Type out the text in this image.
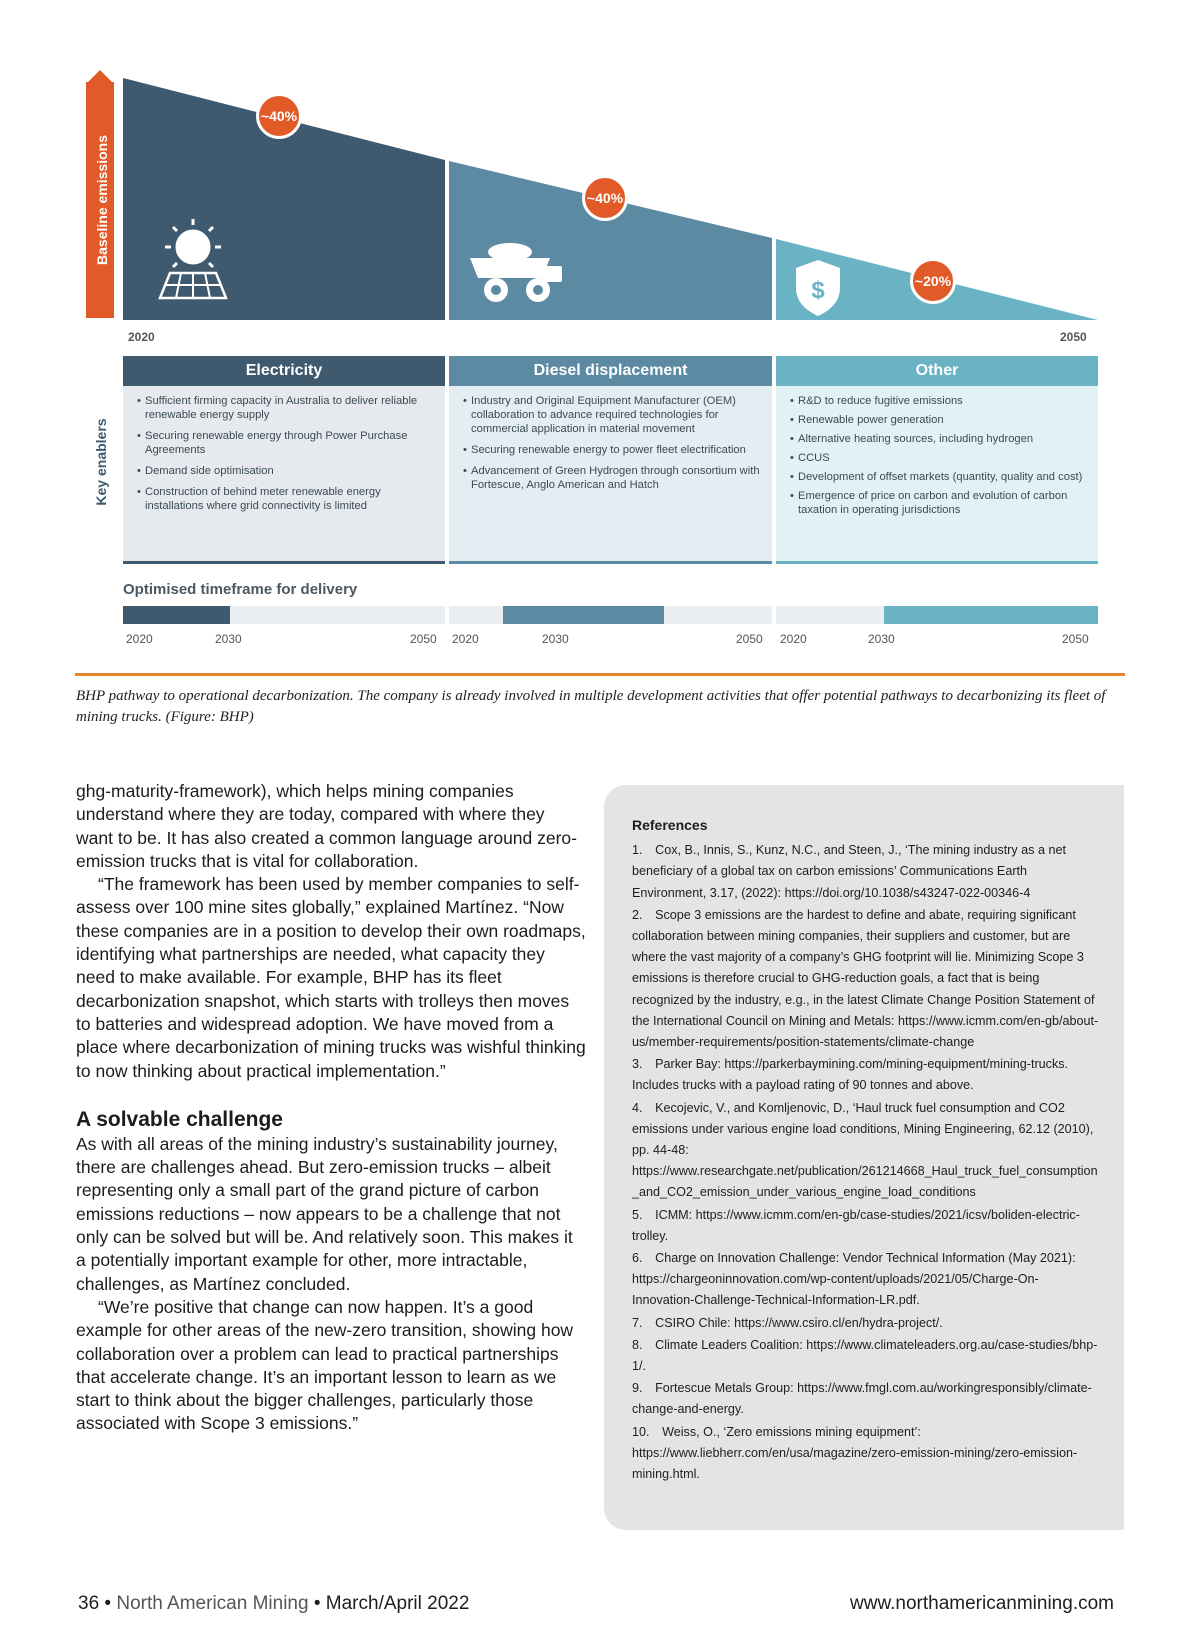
Baseline emissions
$
~40%
~40%
~20%
2020	2050
Electricity	Diesel displacement	Other
Key enablers
• Sufficient firming capacity in Australia to deliver reliable renewable energy supply
• Securing renewable energy through Power Purchase Agreements
• Demand side optimisation
• Construction of behind meter renewable energy installations where grid connectivity is limited
• Industry and Original Equipment Manufacturer (OEM) collaboration to advance required technologies for commercial application in material movement
• Securing renewable energy to power fleet electrification
• Advancement of Green Hydrogen through consortium with Fortescue, Anglo American and Hatch
• R&D to reduce fugitive emissions
• Renewable power generation
• Alternative heating sources, including hydrogen
• CCUS
• Development of offset markets (quantity, quality and cost)
• Emergence of price on carbon and evolution of carbon taxation in operating jurisdictions
Optimised timeframe for delivery
2020	2030	2050 2020	2030	2050 2020	2030	2050
BHP pathway to operational decarbonization. The company is already involved in multiple development activities that offer potential pathways to decarbonizing its fleet of mining trucks. (Figure: BHP)

ghg-maturity-framework), which helps mining companies understand where they are today, compared with where they want to be. It has also created a common language around zero-emission trucks that is vital for collaboration.

“The framework has been used by member companies to self-assess over 100 mine sites globally,” explained Martínez. “Now these companies are in a position to develop their own roadmaps, identifying what partnerships are needed, what capacity they need to make available. For example, BHP has its fleet decarbonization snapshot, which starts with trolleys then moves to batteries and widespread adoption. We have moved from a place where decarbonization of mining trucks was wishful thinking to now thinking about practical implementation.”

A solvable challenge

As with all areas of the mining industry’s sustainability journey, there are challenges ahead. But zero-emission trucks – albeit representing only a small part of the grand picture of carbon emissions reductions – now appears to be a challenge that not only can be solved but will be. And relatively soon. This makes it a potentially important example for other, more intractable, challenges, as Martínez concluded.

“We’re positive that change can now happen. It’s a good example for other areas of the new-zero transition, showing how collaboration over a problem can lead to practical partnerships that accelerate change. It’s an important lesson to learn as we start to think about the bigger challenges, particularly those associated with Scope 3 emissions.”

References
1. Cox, B., Innis, S., Kunz, N.C., and Steen, J., ‘The mining industry as a net beneficiary of a global tax on carbon emissions’ Communications Earth Environment, 3.17, (2022): https://doi.org/10.1038/s43247-022-00346-4
2. Scope 3 emissions are the hardest to define and abate, requiring significant collaboration between mining companies, their suppliers and customer, but are where the vast majority of a company’s GHG footprint will lie. Minimizing Scope 3 emissions is therefore crucial to GHG-reduction goals, a fact that is being recognized by the industry, e.g., in the latest Climate Change Position Statement of the International Council on Mining and Metals: https://www.icmm.com/en-gb/about-us/member-requirements/position-statements/climate-change
3. Parker Bay: https://parkerbaymining.com/mining-equipment/mining-trucks. Includes trucks with a payload rating of 90 tonnes and above.
4. Kecojevic, V., and Komljenovic, D., ‘Haul truck fuel consumption and CO2 emissions under various engine load conditions, Mining Engineering, 62.12 (2010), pp. 44-48: https://www.researchgate.net/publication/261214668_Haul_truck_fuel_consumption_and_CO2_emission_under_various_engine_load_conditions
5. ICMM: https://www.icmm.com/en-gb/case-studies/2021/icsv/boliden-electric-trolley.
6. Charge on Innovation Challenge: Vendor Technical Information (May 2021): https://chargeoninnovation.com/wp-content/uploads/2021/05/Charge-On-Innovation-Challenge-Technical-Information-LR.pdf.
7. CSIRO Chile: https://www.csiro.cl/en/hydra-project/.
8. Climate Leaders Coalition: https://www.climateleaders.org.au/case-studies/bhp-1/.
9. Fortescue Metals Group: https://www.fmgl.com.au/workingresponsibly/climate-change-and-energy.
10. Weiss, O., ‘Zero emissions mining equipment’: https://www.liebherr.com/en/usa/magazine/zero-emission-mining/zero-emission-mining.html.
36 • North American Mining • March/April 2022	www.northamericanmining.com
